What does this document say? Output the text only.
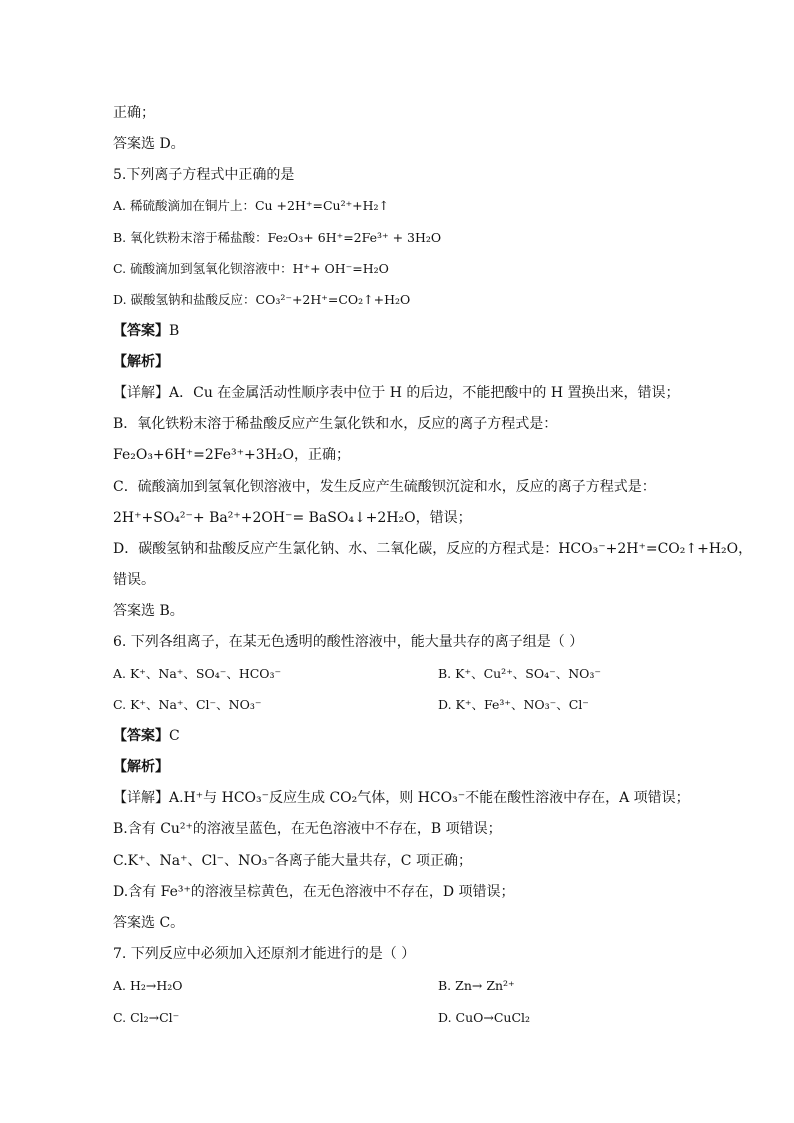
正确；
答案选 D。
5.下列离子方程式中正确的是
A. 稀硫酸滴加在铜片上：Cu +2H⁺=Cu²⁺+H₂↑
B. 氧化铁粉末溶于稀盐酸：Fe₂O₃+ 6H⁺=2Fe³⁺ + 3H₂O
C. 硫酸滴加到氢氧化钡溶液中：H⁺+ OH⁻=H₂O
D. 碳酸氢钠和盐酸反应：CO₃²⁻+2H⁺=CO₂↑+H₂O
【答案】B
【解析】
【详解】A．Cu 在金属活动性顺序表中位于 H 的后边，不能把酸中的 H 置换出来，错误；
B．氧化铁粉末溶于稀盐酸反应产生氯化铁和水，反应的离子方程式是：
Fe₂O₃+6H⁺=2Fe³⁺+3H₂O，正确；
C．硫酸滴加到氢氧化钡溶液中，发生反应产生硫酸钡沉淀和水，反应的离子方程式是：
2H⁺+SO₄²⁻+ Ba²⁺+2OH⁻= BaSO₄↓+2H₂O，错误；
D．碳酸氢钠和盐酸反应产生氯化钠、水、二氧化碳，反应的方程式是：HCO₃⁻+2H⁺=CO₂↑+H₂O，
错误。
答案选 B。
6. 下列各组离子，在某无色透明的酸性溶液中，能大量共存的离子组是（ ）
A. K⁺、Na⁺、SO₄⁻、HCO₃⁻	B. K⁺、Cu²⁺、SO₄⁻、NO₃⁻
C. K⁺、Na⁺、Cl⁻、NO₃⁻	D. K⁺、Fe³⁺、NO₃⁻、Cl⁻
【答案】C
【解析】
【详解】A.H⁺与 HCO₃⁻反应生成 CO₂气体，则 HCO₃⁻不能在酸性溶液中存在，A 项错误；
B.含有 Cu²⁺的溶液呈蓝色，在无色溶液中不存在，B 项错误；
C.K⁺、Na⁺、Cl⁻、NO₃⁻各离子能大量共存，C 项正确；
D.含有 Fe³⁺的溶液呈棕黄色，在无色溶液中不存在，D 项错误；
答案选 C。
7. 下列反应中必须加入还原剂才能进行的是（ ）
A. H₂→H₂O	B. Zn→ Zn²⁺
C. Cl₂→Cl⁻	D. CuO→CuCl₂
